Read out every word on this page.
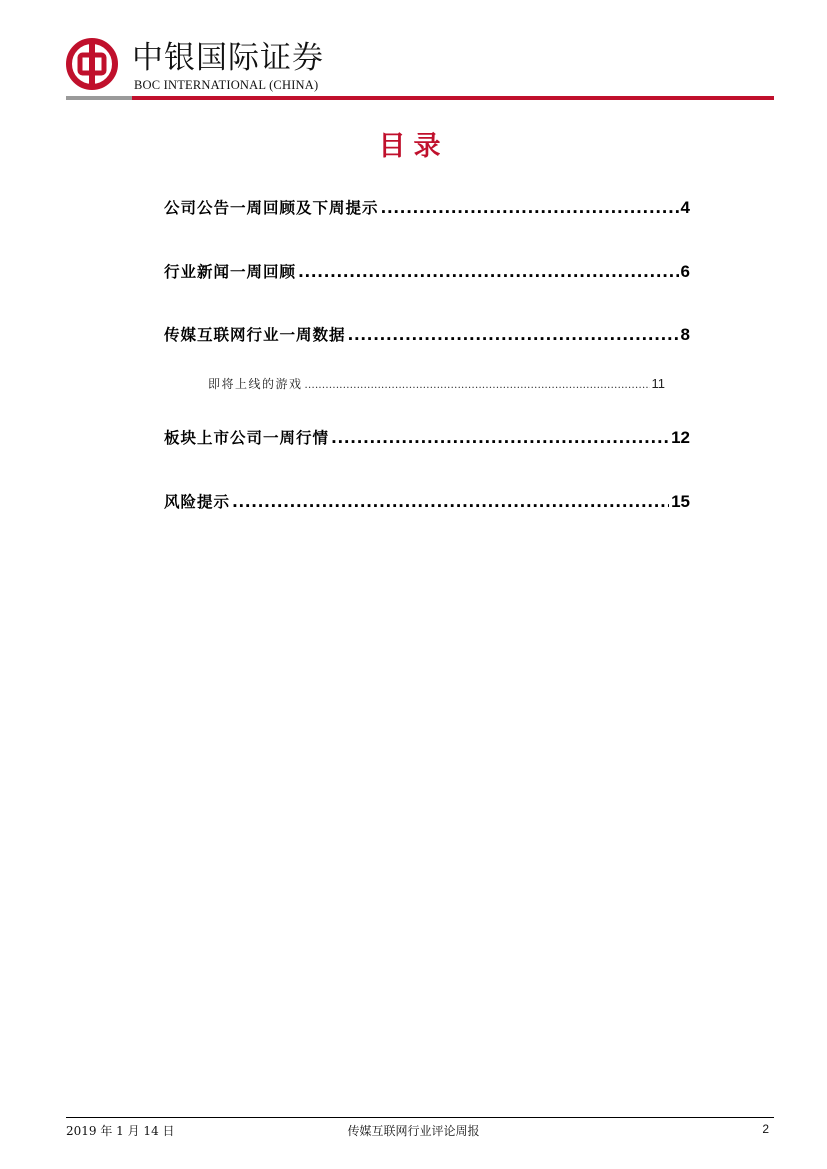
中银国际证券
BOC INTERNATIONAL (CHINA)
目录
公司公告一周回顾及下周提示 .....	4
行业新闻一周回顾 .....	6
传媒互联网行业一周数据 .....	8
即将上线的游戏 .....	11
板块上市公司一周行情 .....	12
风险提示 .....	15
2019 年 1 月 14 日	传媒互联网行业评论周报	2
